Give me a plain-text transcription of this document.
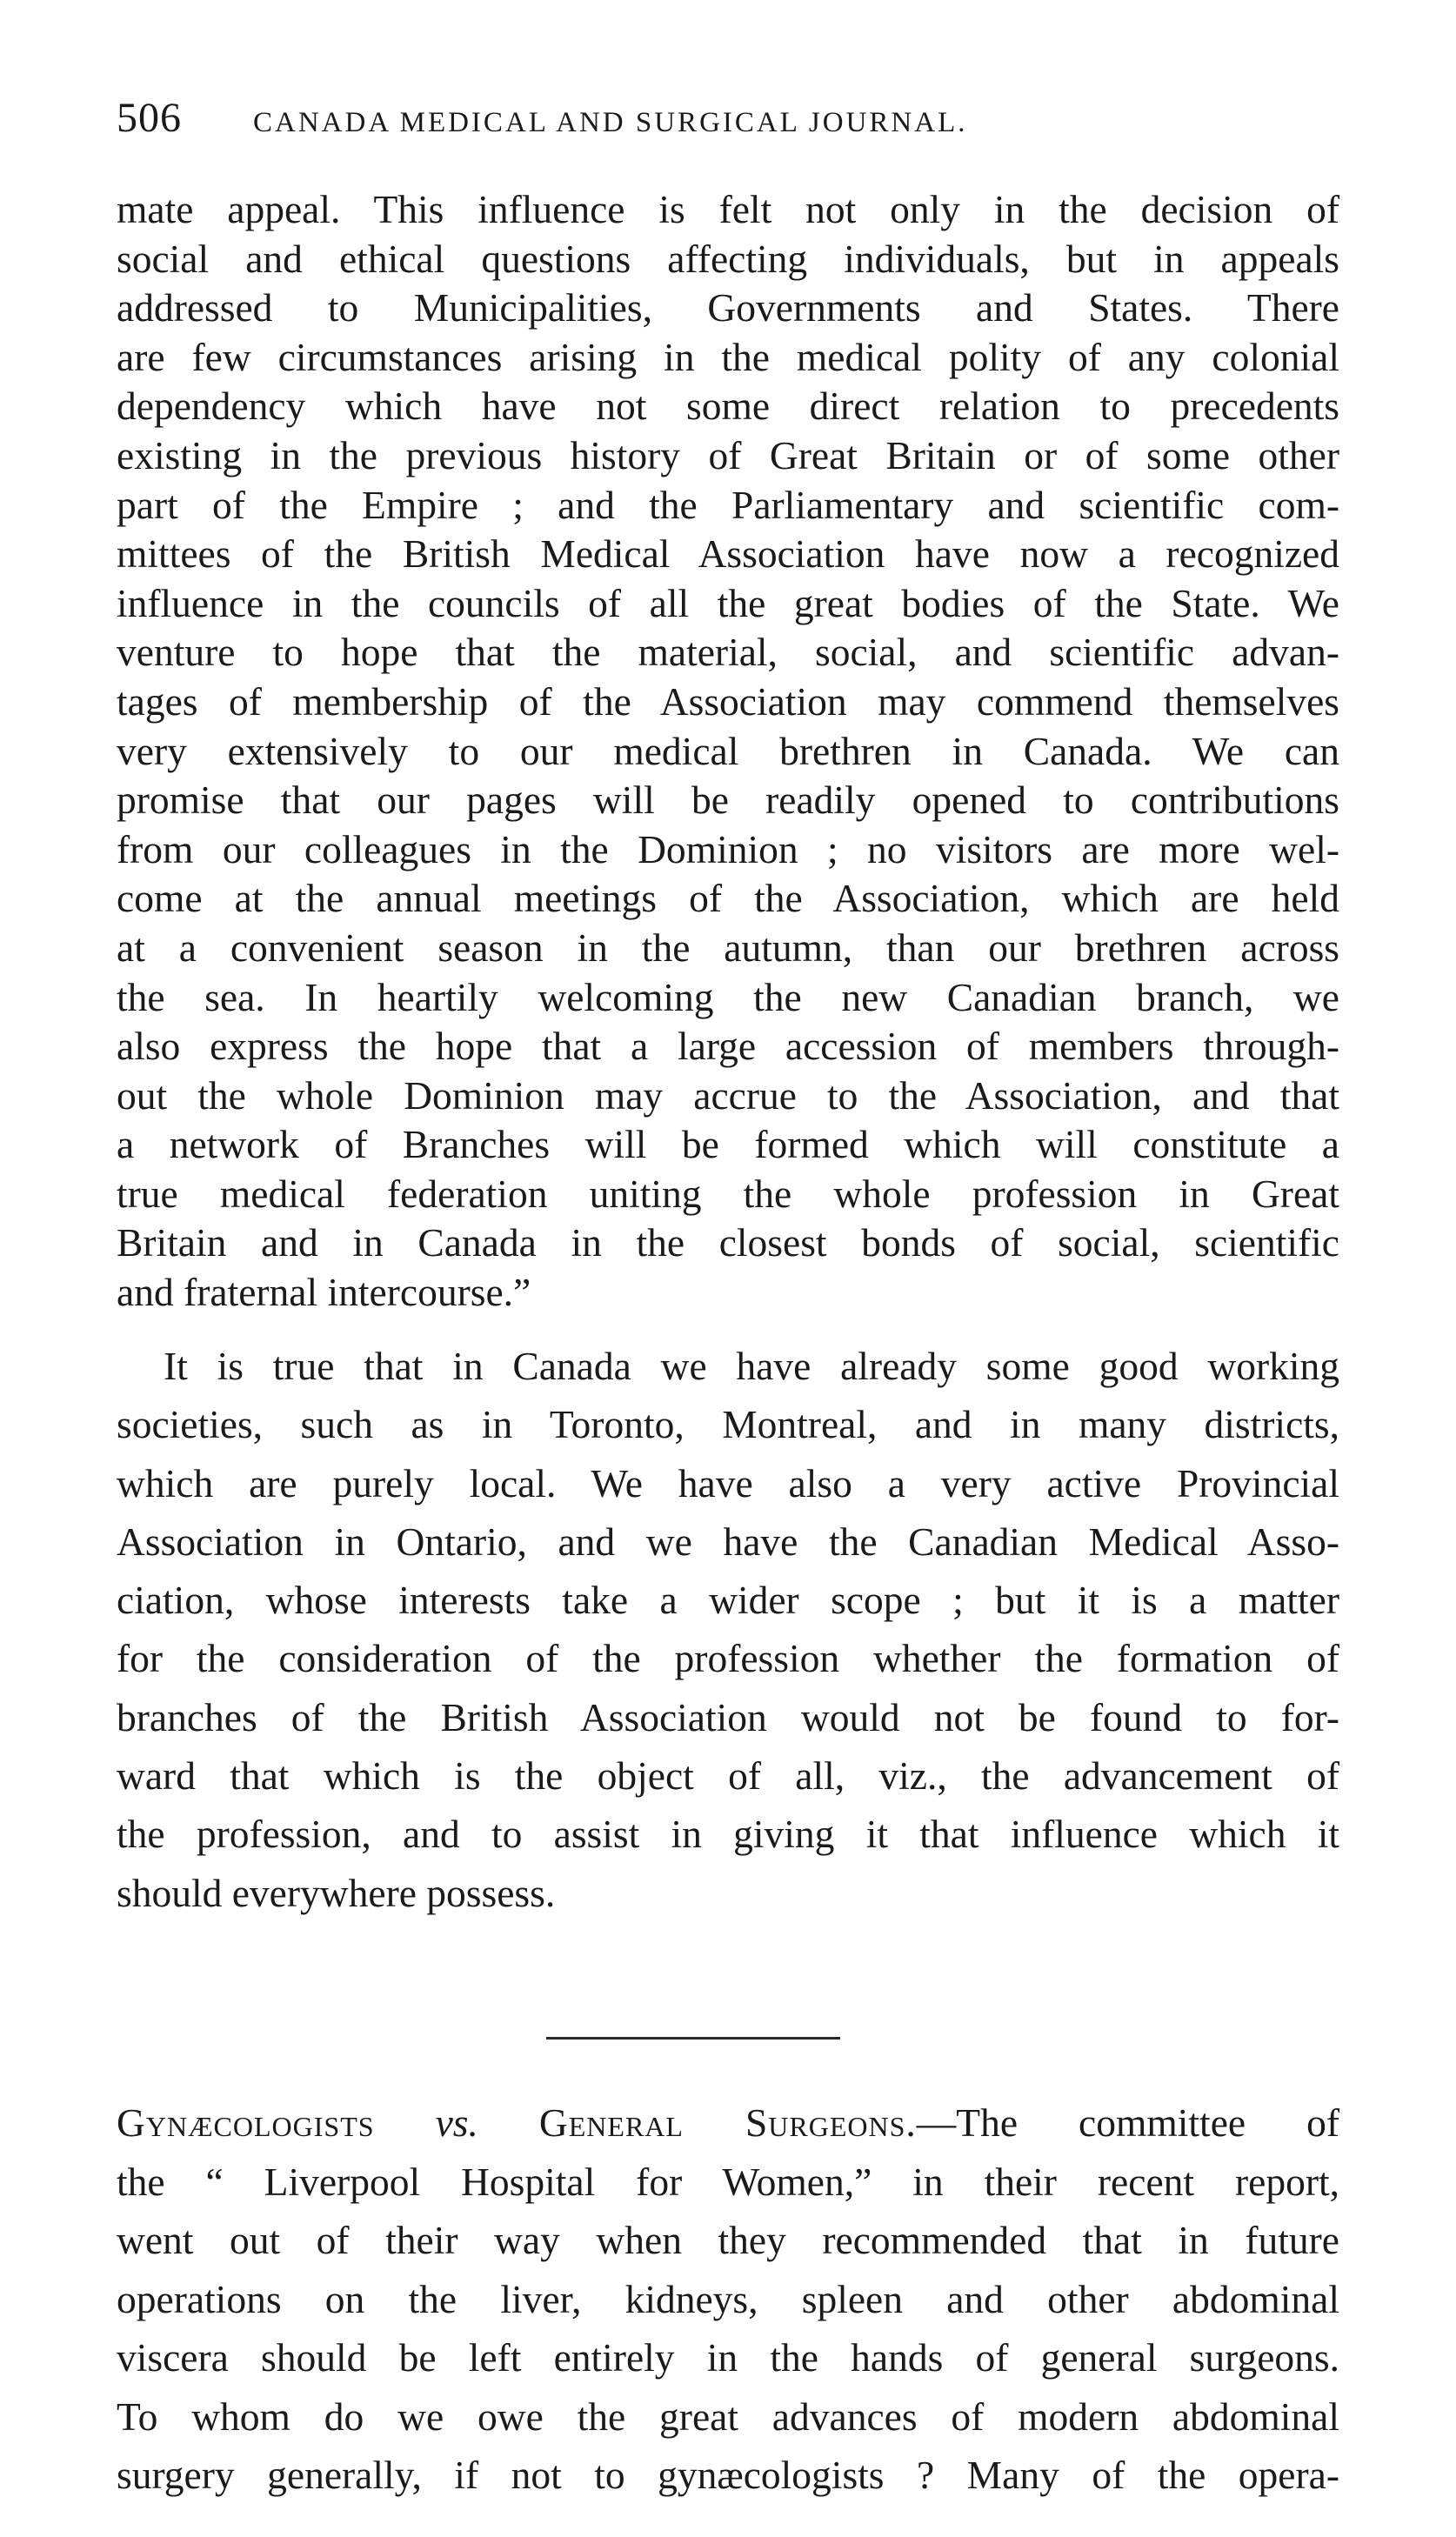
506 CANADA MEDICAL AND SURGICAL JOURNAL.
mate appeal. This influence is felt not only in the decision of
social and ethical questions affecting individuals, but in appeals
addressed to Municipalities, Governments and States. There
are few circumstances arising in the medical polity of any colonial
dependency which have not some direct relation to precedents
existing in the previous history of Great Britain or of some other
part of the Empire ; and the Parliamentary and scientific com-
mittees of the British Medical Association have now a recognized
influence in the councils of all the great bodies of the State. We
venture to hope that the material, social, and scientific advan-
tages of membership of the Association may commend themselves
very extensively to our medical brethren in Canada. We can
promise that our pages will be readily opened to contributions
from our colleagues in the Dominion ; no visitors are more wel-
come at the annual meetings of the Association, which are held
at a convenient season in the autumn, than our brethren across
the sea. In heartily welcoming the new Canadian branch, we
also express the hope that a large accession of members through-
out the whole Dominion may accrue to the Association, and that
a network of Branches will be formed which will constitute a
true medical federation uniting the whole profession in Great
Britain and in Canada in the closest bonds of social, scientific
and fraternal intercourse.”
It is true that in Canada we have already some good working
societies, such as in Toronto, Montreal, and in many districts,
which are purely local. We have also a very active Provincial
Association in Ontario, and we have the Canadian Medical Asso-
ciation, whose interests take a wider scope ; but it is a matter
for the consideration of the profession whether the formation of
branches of the British Association would not be found to for-
ward that which is the object of all, viz., the advancement of
the profession, and to assist in giving it that influence which it
should everywhere possess.
Gynæcologists vs. General Surgeons.—The committee of
the “ Liverpool Hospital for Women,” in their recent report,
went out of their way when they recommended that in future
operations on the liver, kidneys, spleen and other abdominal
viscera should be left entirely in the hands of general surgeons.
To whom do we owe the great advances of modern abdominal
surgery generally, if not to gynæcologists ? Many of the opera-
